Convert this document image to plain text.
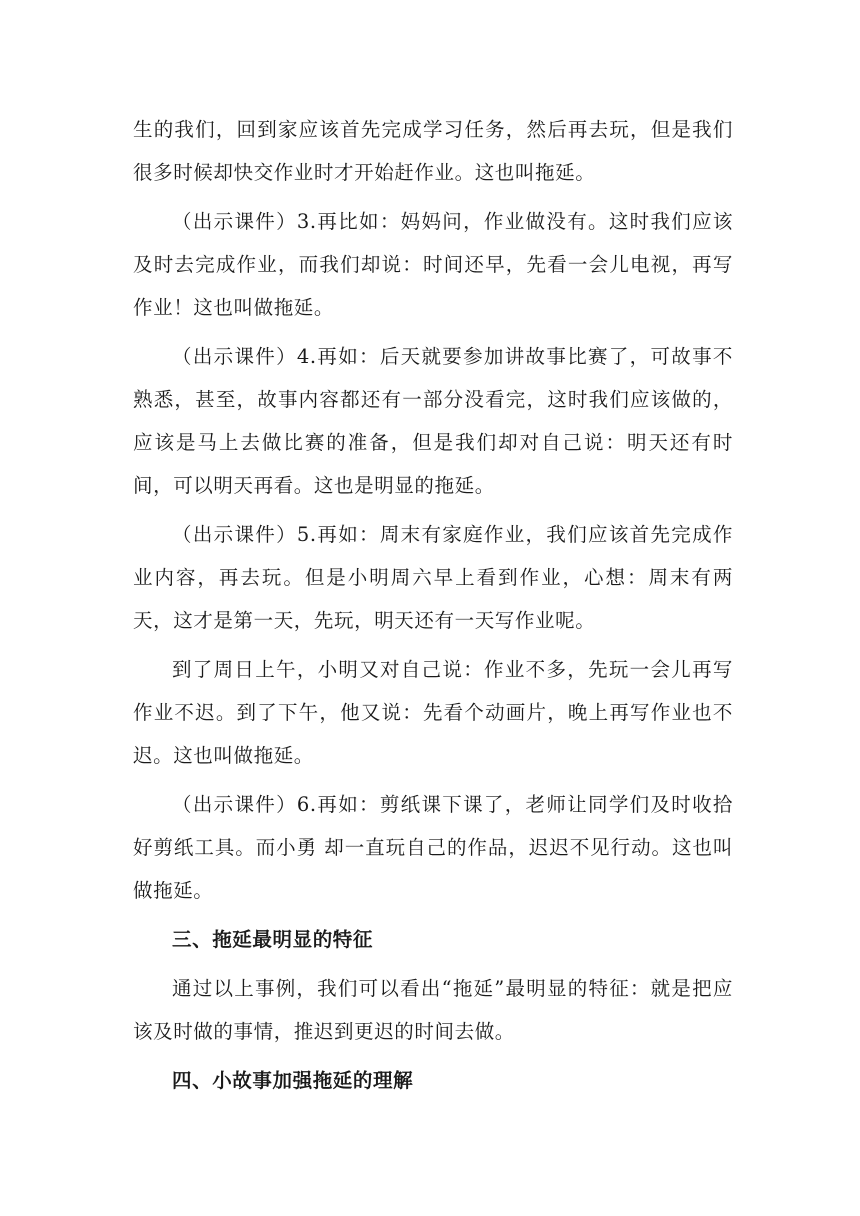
生的我们，回到家应该首先完成学习任务，然后再去玩，但是我们很多时候却快交作业时才开始赶作业。这也叫拖延。

（出示课件）3.再比如：妈妈问，作业做没有。这时我们应该及时去完成作业，而我们却说：时间还早，先看一会儿电视，再写作业！这也叫做拖延。

（出示课件）4.再如：后天就要参加讲故事比赛了，可故事不熟悉，甚至，故事内容都还有一部分没看完，这时我们应该做的，应该是马上去做比赛的准备，但是我们却对自己说：明天还有时间，可以明天再看。这也是明显的拖延。

（出示课件）5.再如：周末有家庭作业，我们应该首先完成作业内容，再去玩。但是小明周六早上看到作业，心想：周末有两天，这才是第一天，先玩，明天还有一天写作业呢。

到了周日上午，小明又对自己说：作业不多，先玩一会儿再写作业不迟。到了下午，他又说：先看个动画片，晚上再写作业也不迟。这也叫做拖延。

（出示课件）6.再如：剪纸课下课了，老师让同学们及时收拾好剪纸工具。而小勇 却一直玩自己的作品，迟迟不见行动。这也叫做拖延。

三、拖延最明显的特征

通过以上事例，我们可以看出“拖延”最明显的特征：就是把应该及时做的事情，推迟到更迟的时间去做。

四、小故事加强拖延的理解
